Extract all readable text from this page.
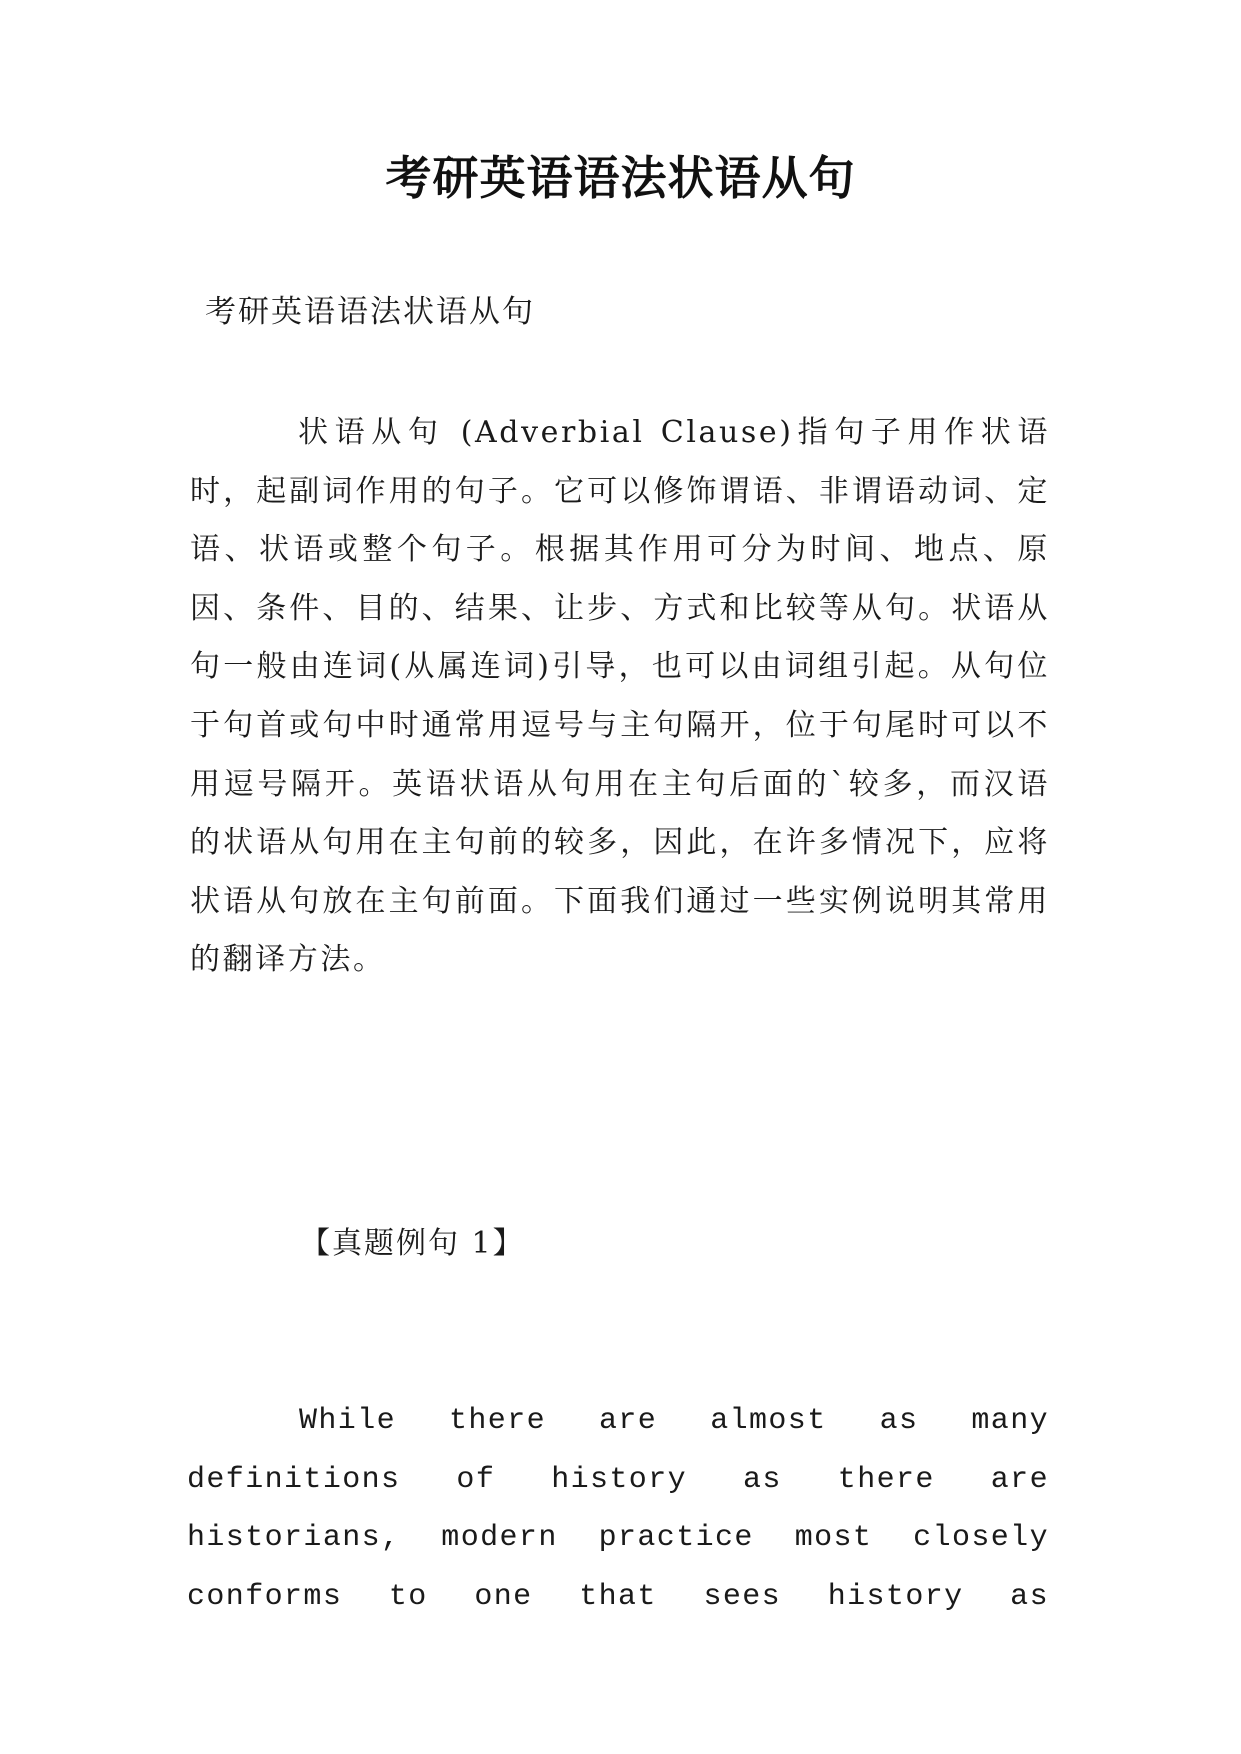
考研英语语法状语从句
考研英语语法状语从句

状语从句 (Adverbial Clause)指句子用作状语时，起副词作用的句子。它可以修饰谓语、非谓语动词、定语、状语或整个句子。根据其作用可分为时间、地点、原因、条件、目的、结果、让步、方式和比较等从句。状语从句一般由连词(从属连词)引导，也可以由词组引起。从句位于句首或句中时通常用逗号与主句隔开，位于句尾时可以不用逗号隔开。英语状语从句用在主句后面的`较多，而汉语的状语从句用在主句前的较多，因此，在许多情况下，应将状语从句放在主句前面。下面我们通过一些实例说明其常用的翻译方法。

【真题例句 1】

While there are almost as many definitions of history as there are historians, modern practice most closely conforms to one that sees history as
